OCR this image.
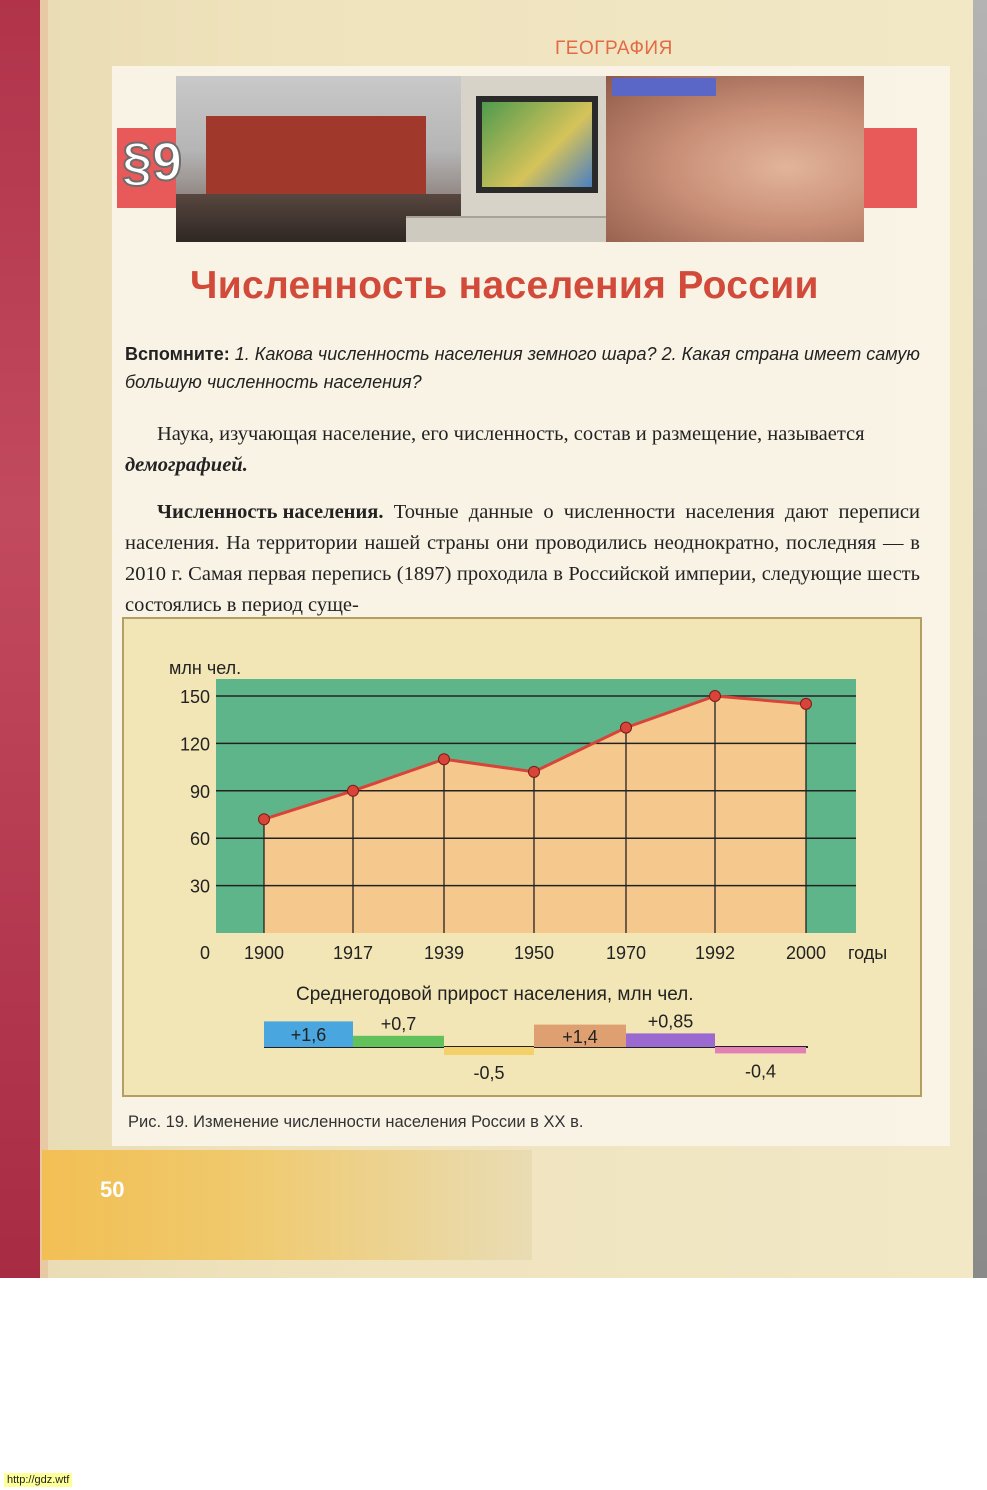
ГЕОГРАФИЯ
§9
Численность населения России
Вспомните: 1. Какова численность населения земного шара? 2. Какая страна имеет самую большую численность населения?
Наука, изучающая население, его численность, состав и размещение, называется демографией.
Численность населения. Точные данные о численности населения дают переписи населения. На территории нашей страны они проводились неоднократно, последняя — в 2010 г. Самая первая перепись (1897) проходила в Российской империи, следующие шесть состоялись в период суще-
30
60
90
120
150
1900	1917	1939	1950	1970	1992	2000
млн чел.
годы
0
Среднегодовой прирост населения, млн чел.
+1,6
+0,7
-0,5
+1,4
+0,85
-0,4
Рис. 19. Изменение численности населения России в XX в.
50
http://gdz.wtf
